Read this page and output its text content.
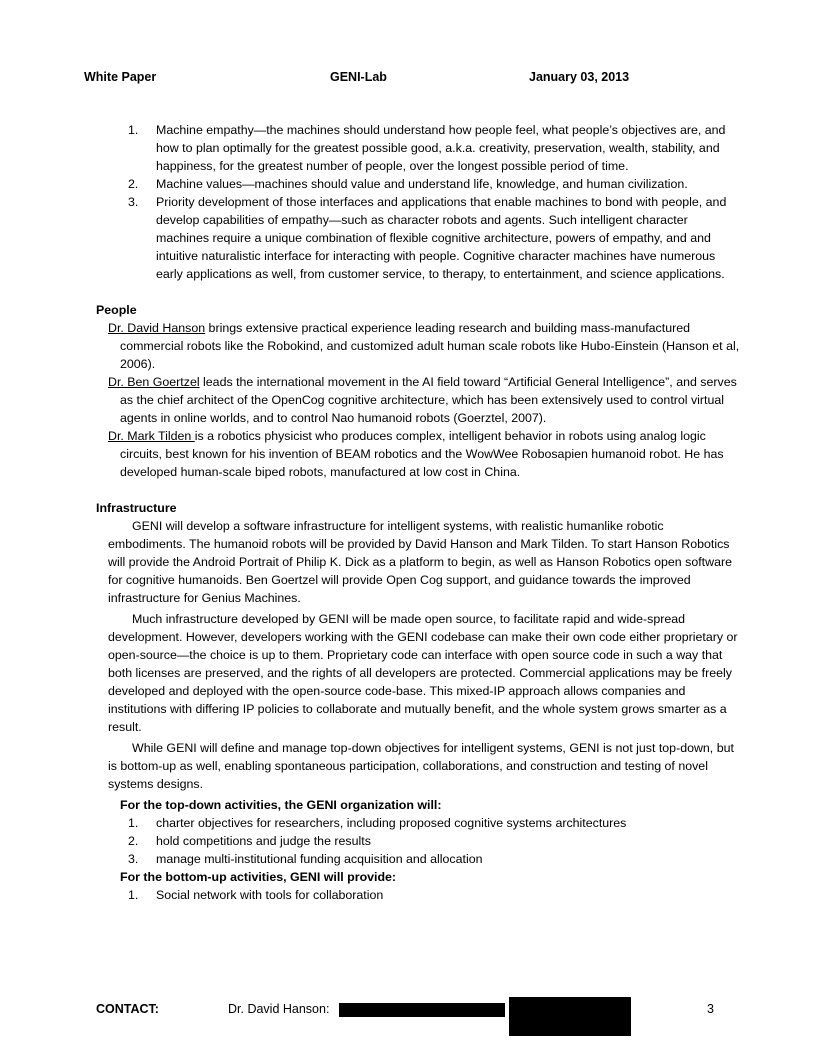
White Paper	GENI-Lab	January 03, 2013
1. Machine empathy—the machines should understand how people feel, what people’s objectives are, and how to plan optimally for the greatest possible good, a.k.a. creativity, preservation, wealth, stability, and happiness, for the greatest number of people, over the longest possible period of time.
2. Machine values—machines should value and understand life, knowledge, and human civilization.
3. Priority development of those interfaces and applications that enable machines to bond with people, and develop capabilities of empathy—such as character robots and agents. Such intelligent character machines require a unique combination of flexible cognitive architecture, powers of empathy, and and intuitive naturalistic interface for interacting with people. Cognitive character machines have numerous early applications as well, from customer service, to therapy, to entertainment, and science applications.
People

Dr. David Hanson brings extensive practical experience leading research and building mass-manufactured commercial robots like the Robokind, and customized adult human scale robots like Hubo-Einstein (Hanson et al, 2006).

Dr. Ben Goertzel leads the international movement in the AI field toward “Artificial General Intelligence”, and serves as the chief architect of the OpenCog cognitive architecture, which has been extensively used to control virtual agents in online worlds, and to control Nao humanoid robots (Goerztel, 2007).

Dr. Mark Tilden is a robotics physicist who produces complex, intelligent behavior in robots using analog logic circuits, best known for his invention of BEAM robotics and the WowWee Robosapien humanoid robot. He has developed human-scale biped robots, manufactured at low cost in China.

Infrastructure

GENI will develop a software infrastructure for intelligent systems, with realistic humanlike robotic embodiments. The humanoid robots will be provided by David Hanson and Mark Tilden. To start Hanson Robotics will provide the Android Portrait of Philip K. Dick as a platform to begin, as well as Hanson Robotics open software for cognitive humanoids. Ben Goertzel will provide Open Cog support, and guidance towards the improved infrastructure for Genius Machines.

Much infrastructure developed by GENI will be made open source, to facilitate rapid and wide-spread development. However, developers working with the GENI codebase can make their own code either proprietary or open-source—the choice is up to them. Proprietary code can interface with open source code in such a way that both licenses are preserved, and the rights of all developers are protected. Commercial applications may be freely developed and deployed with the open-source code-base. This mixed-IP approach allows companies and institutions with differing IP policies to collaborate and mutually benefit, and the whole system grows smarter as a result.

While GENI will define and manage top-down objectives for intelligent systems, GENI is not just top-down, but is bottom-up as well, enabling spontaneous participation, collaborations, and construction and testing of novel systems designs.

For the top-down activities, the GENI organization will:
1. charter objectives for researchers, including proposed cognitive systems architectures
2. hold competitions and judge the results
3. manage multi-institutional funding acquisition and allocation
For the bottom-up activities, GENI will provide:
1. Social network with tools for collaboration
CONTACT:	Dr. David Hanson:	3
